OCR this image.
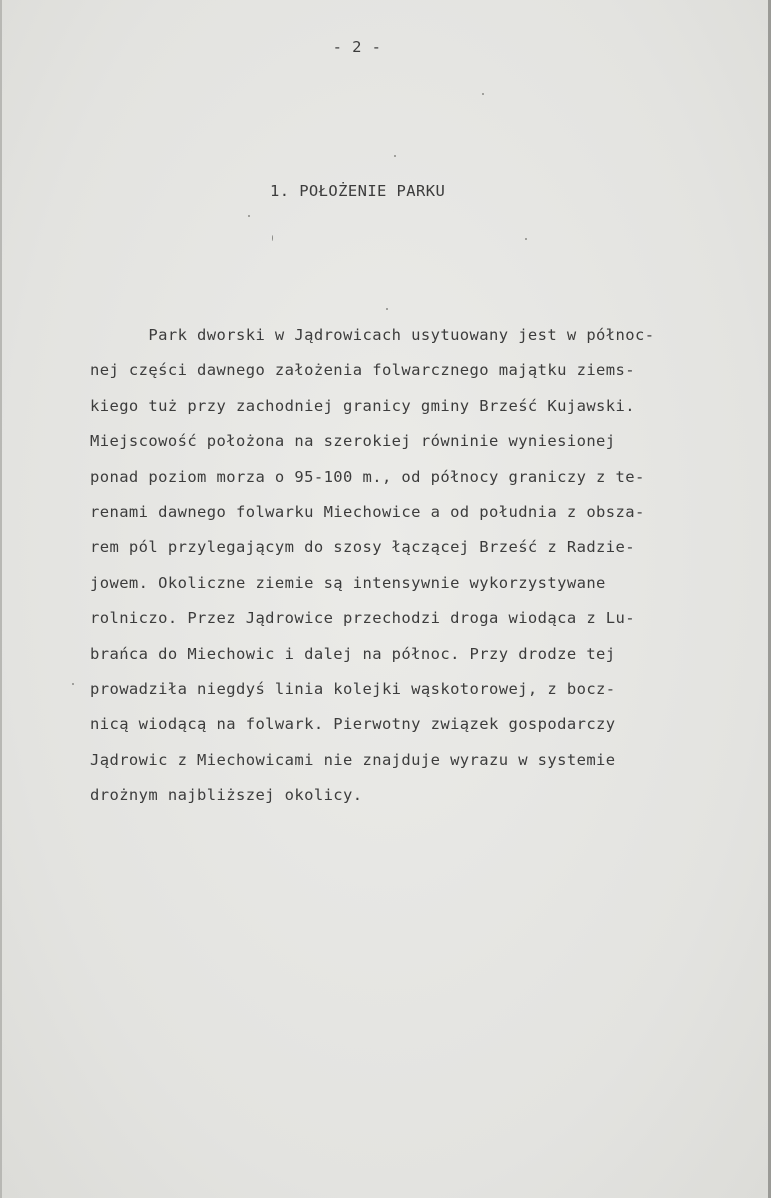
- 2 -

1. POŁOŻENIE PARKU

Park dworski w Jądrowicach usytuowany jest w północ-
nej części dawnego założenia folwarcznego majątku ziems-
kiego tuż przy zachodniej granicy gminy Brześć Kujawski.
Miejscowość położona na szerokiej równinie wyniesionej
ponad poziom morza o 95-100 m., od północy graniczy z te-
renami dawnego folwarku Miechowice a od południa z obsza-
rem pól przylegającym do szosy łączącej Brześć z Radzie-
jowem. Okoliczne ziemie są intensywnie wykorzystywane
rolniczo. Przez Jądrowice przechodzi droga wiodąca z Lu-
brańca do Miechowic i dalej na północ. Przy drodze tej
prowadziła niegdyś linia kolejki wąskotorowej, z bocz-
nicą wiodącą na folwark. Pierwotny związek gospodarczy
Jądrowic z Miechowicami nie znajduje wyrazu w systemie
drożnym najbliższej okolicy.
